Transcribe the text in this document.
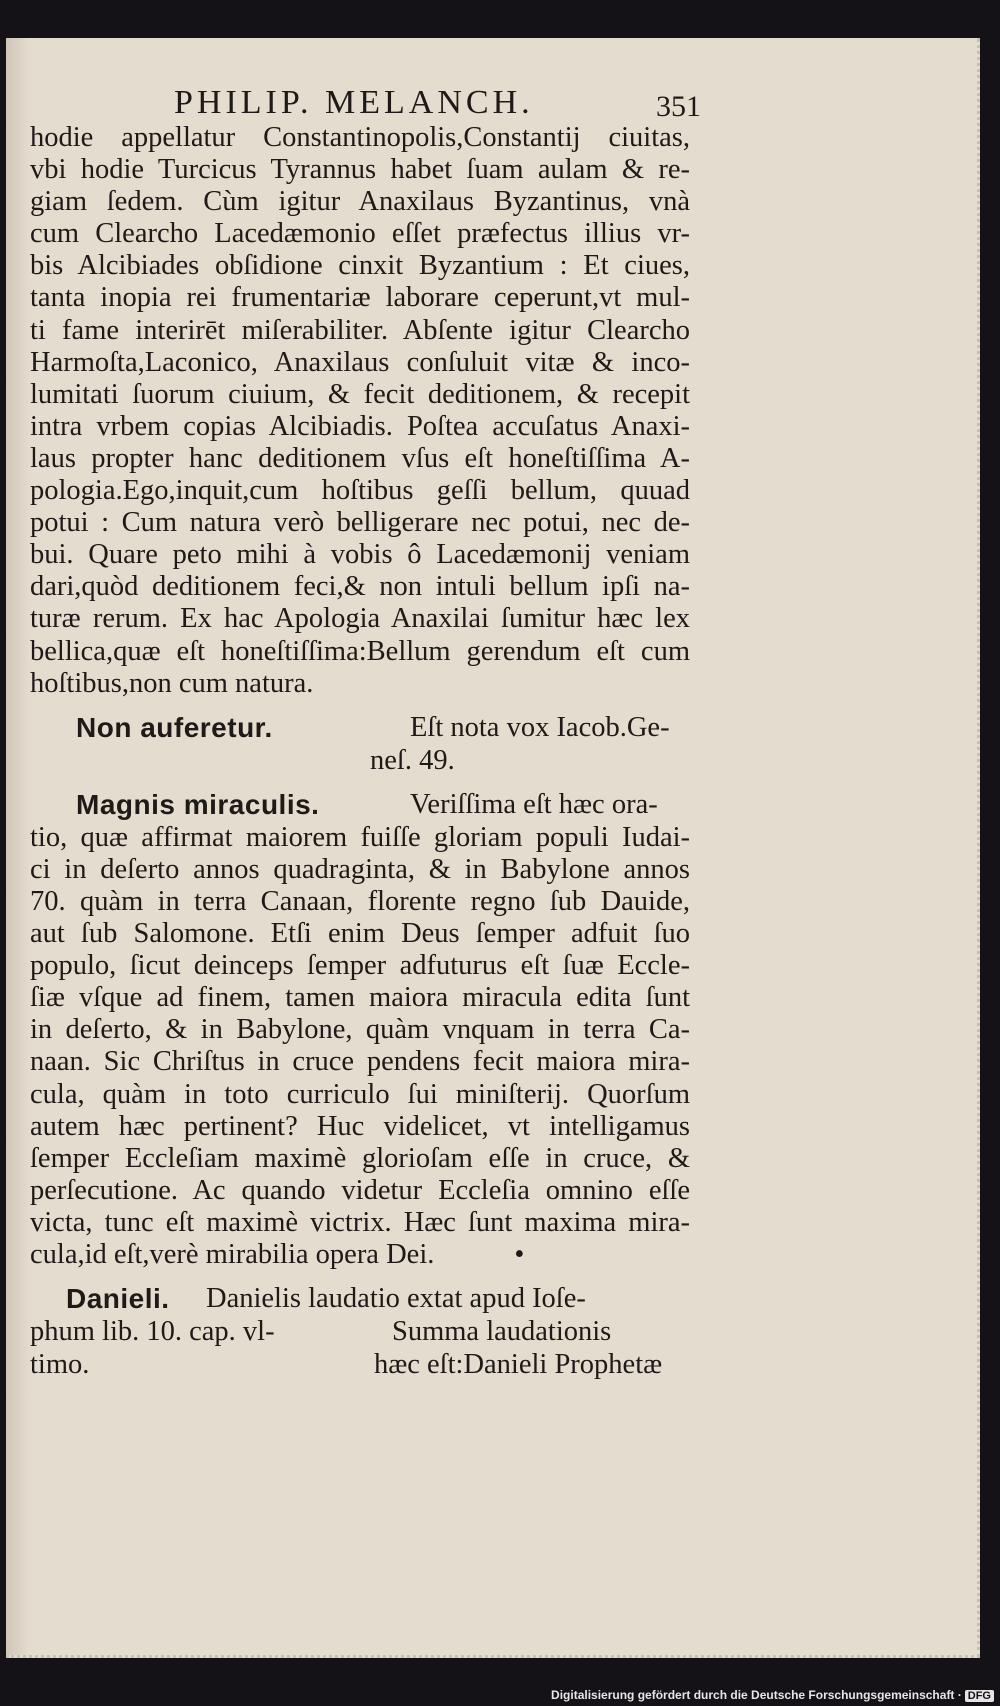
PHILIP. MELANCH.	351
hodie appellatur Constantinopolis,Constantij ciuitas,
vbi hodie Turcicus Tyrannus habet ſuam aulam & re-
giam ſedem. Cùm igitur Anaxilaus Byzantinus, vnà
cum Clearcho Lacedæmonio eſſet præfectus illius vr-
bis Alcibiades obſidione cinxit Byzantium : Et ciues,
tanta inopia rei frumentariæ laborare ceperunt,vt mul-
ti fame interirēt miſerabiliter. Abſente igitur Clearcho
Harmoſta,Laconico, Anaxilaus conſuluit vitæ & inco-
lumitati ſuorum ciuium, & fecit deditionem, & recepit
intra vrbem copias Alcibiadis. Poſtea accuſatus Anaxi-
laus propter hanc deditionem vſus eſt honeſtiſſima A-
pologia.Ego,inquit,cum hoſtibus geſſi bellum, quuad
potui : Cum natura verò belligerare nec potui, nec de-
bui. Quare peto mihi à vobis ô Lacedæmonij veniam
dari,quòd deditionem feci,& non intuli bellum ipſi na-
turæ rerum. Ex hac Apologia Anaxilai ſumitur hæc lex
bellica,quæ eſt honeſtiſſima:Bellum gerendum eſt cum
hoſtibus,non cum natura.
Non auferetur.	Eſt nota vox Iacob.Ge-
neſ. 49.
Magnis miraculis.	Veriſſima eſt hæc ora-
tio, quæ affirmat maiorem fuiſſe gloriam populi Iudai-
ci in deſerto annos quadraginta, & in Babylone annos
70. quàm in terra Canaan, florente regno ſub Dauide,
aut ſub Salomone. Etſi enim Deus ſemper adfuit ſuo
populo, ſicut deinceps ſemper adfuturus eſt ſuæ Eccle-
ſiæ vſque ad finem, tamen maiora miracula edita ſunt
in deſerto, & in Babylone, quàm vnquam in terra Ca-
naan. Sic Chriſtus in cruce pendens fecit maiora mira-
cula, quàm in toto curriculo ſui miniſterij. Quorſum
autem hæc pertinent? Huc videlicet, vt intelligamus
ſemper Eccleſiam maximè glorioſam eſſe in cruce, &
perſecutione. Ac quando videtur Eccleſia omnino eſſe
victa, tunc eſt maximè victrix. Hæc ſunt maxima mira-
cula,id eſt,verè mirabilia opera Dei.	•
Danieli. Danielis laudatio extat apud Ioſe-
phum lib. 10. cap. vl-	Summa laudationis
timo.	hæc eſt:Danieli Prophetæ
Digitalisierung gefördert durch die Deutsche Forschungsgemeinschaft · DFG
